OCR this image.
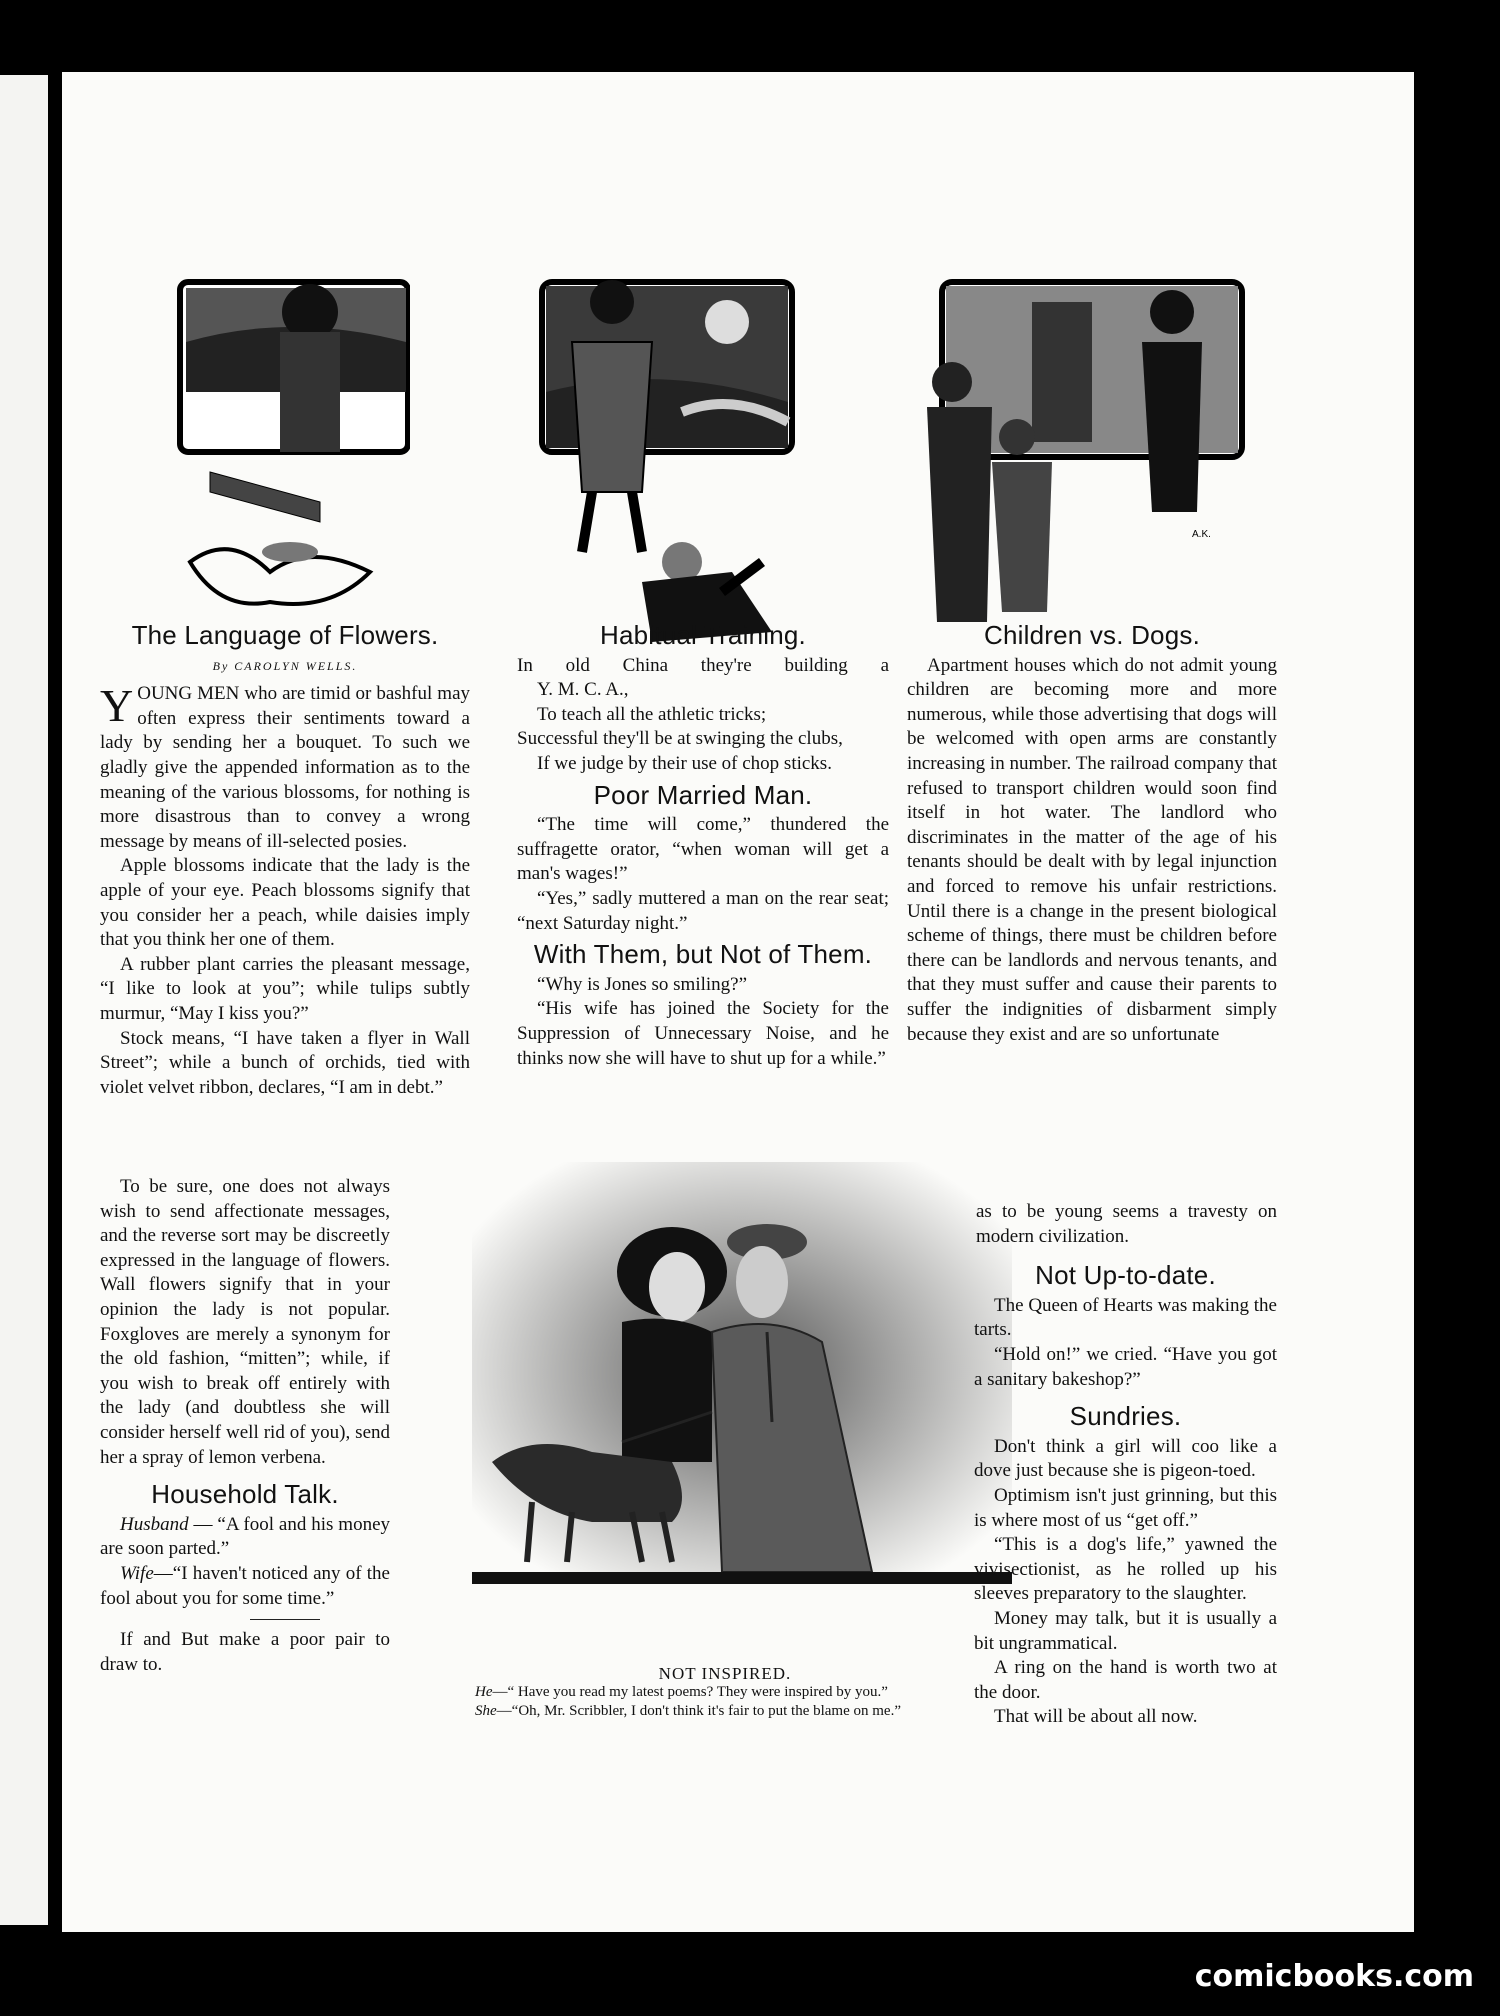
A.K.
The Language of Flowers.
By CAROLYN WELLS.

YOUNG MEN who are timid or bashful may often express their sentiments toward a lady by sending her a bouquet. To such we gladly give the appended information as to the meaning of the various blossoms, for nothing is more disastrous than to convey a wrong message by means of ill-selected posies.

Apple blossoms indicate that the lady is the apple of your eye. Peach blossoms signify that you consider her a peach, while daisies imply that you think her one of them.

A rubber plant carries the pleasant message, “I like to look at you”; while tulips subtly murmur, “May I kiss you?”

Stock means, “I have taken a flyer in Wall Street”; while a bunch of orchids, tied with violet velvet ribbon, declares, “I am in debt.”

To be sure, one does not always wish to send affectionate messages, and the reverse sort may be discreetly expressed in the language of flowers. Wall flowers signify that in your opinion the lady is not popular. Foxgloves are merely a synonym for the old fashion, “mitten”; while, if you wish to break off entirely with the lady (and doubtless she will consider herself well rid of you), send her a spray of lemon verbena.

Household Talk.

Husband — “A fool and his money are soon parted.”

Wife—“I haven't noticed any of the fool about you for some time.”

If and But make a poor pair to draw to.

Habitual Training.

In old China they're building a

Y. M. C. A.,

To teach all the athletic tricks;

Successful they'll be at swinging the clubs,

If we judge by their use of chop sticks.

Poor Married Man.

“The time will come,” thundered the suffragette orator, “when woman will get a man's wages!”

“Yes,” sadly muttered a man on the rear seat; “next Saturday night.”

With Them, but Not of Them.

“Why is Jones so smiling?”

“His wife has joined the Society for the Suppression of Unnecessary Noise, and he thinks now she will have to shut up for a while.”

NOT INSPIRED.
He—“ Have you read my latest poems? They were inspired by you.”
She—“Oh, Mr. Scribbler, I don't think it's fair to put the blame on me.”
Children vs. Dogs.

Apartment houses which do not admit young children are becoming more and more numerous, while those advertising that dogs will be welcomed with open arms are constantly increasing in number. The railroad company that refused to transport children would soon find itself in hot water. The landlord who discriminates in the matter of the age of his tenants should be dealt with by legal injunction and forced to remove his unfair restrictions. Until there is a change in the present biological scheme of things, there must be children before there can be landlords and nervous tenants, and that they must suffer and cause their parents to suffer the indignities of disbarment simply because they exist and are so unfortunate

as to be young seems a travesty on modern civilization.

Not Up-to-date.

The Queen of Hearts was making the tarts.

“Hold on!” we cried. “Have you got a sanitary bakeshop?”

Sundries.

Don't think a girl will coo like a dove just because she is pigeon-toed.

Optimism isn't just grinning, but this is where most of us “get off.”

“This is a dog's life,” yawned the vivisectionist, as he rolled up his sleeves preparatory to the slaughter.

Money may talk, but it is usually a bit ungrammatical.

A ring on the hand is worth two at the door.

That will be about all now.

comicbooks.com
